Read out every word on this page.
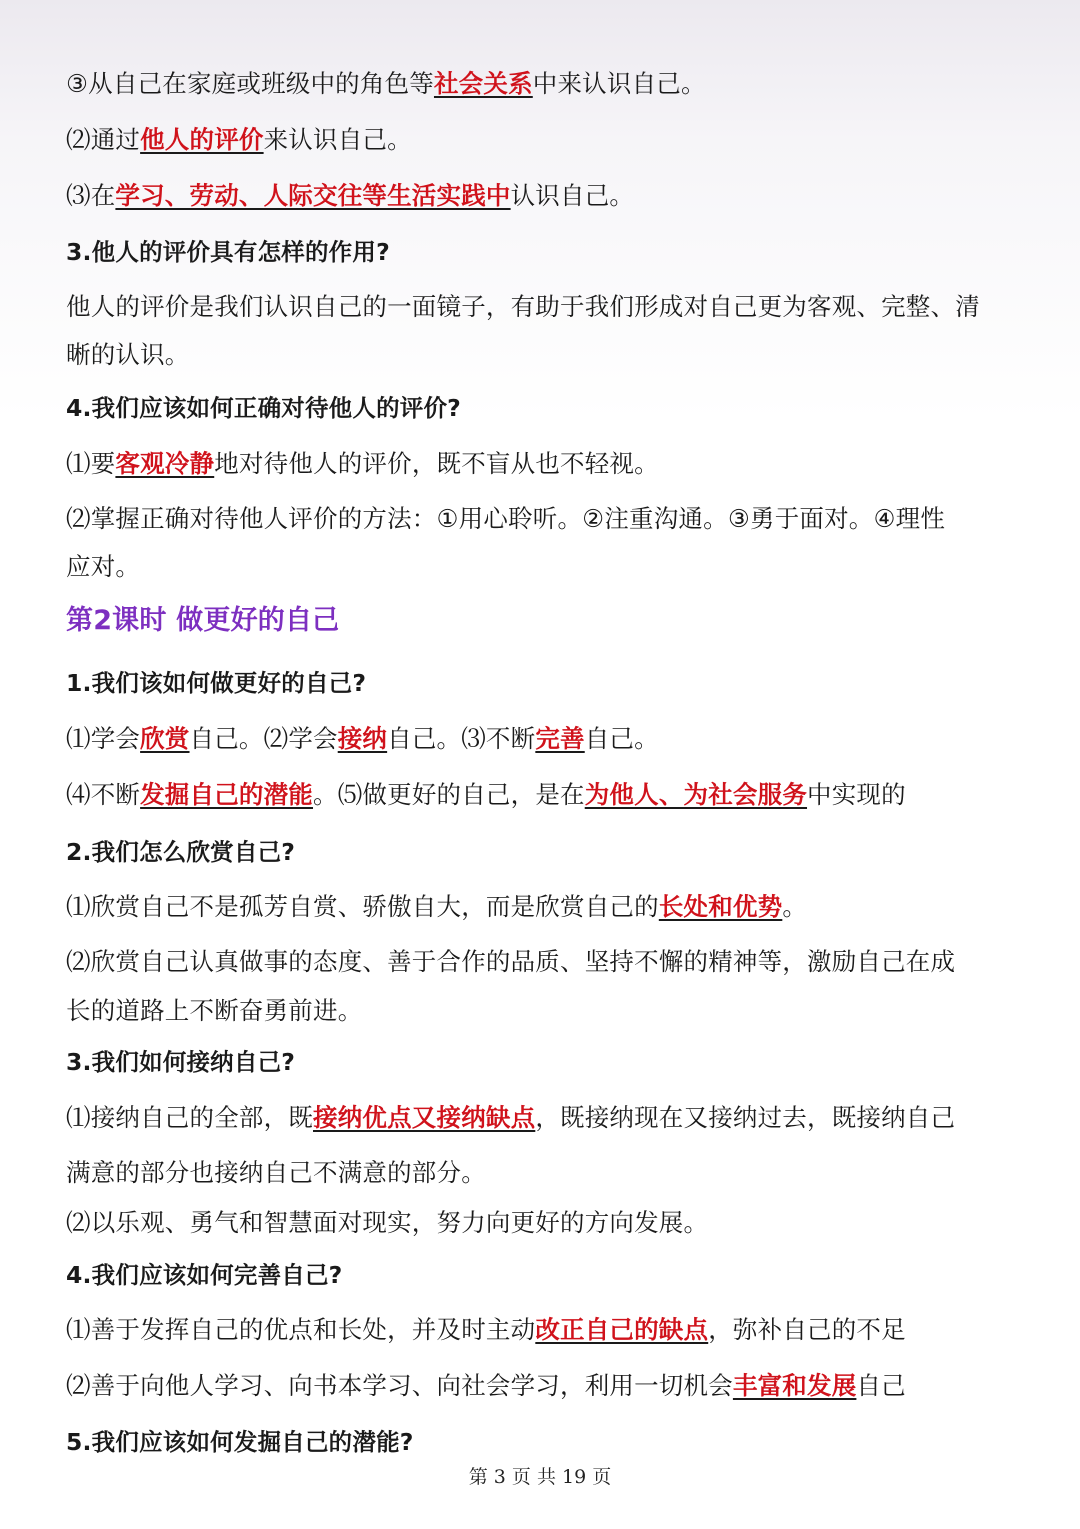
③从自己在家庭或班级中的角色等社会关系中来认识自己。
⑵通过他人的评价来认识自己。
⑶在学习、劳动、人际交往等生活实践中认识自己。
3.他人的评价具有怎样的作用?
他人的评价是我们认识自己的一面镜子，有助于我们形成对自己更为客观、完整、清
晰的认识。
4.我们应该如何正确对待他人的评价?
⑴要客观冷静地对待他人的评价，既不盲从也不轻视。
⑵掌握正确对待他人评价的方法：①用心聆听。②注重沟通。③勇于面对。④理性
应对。
第2课时 做更好的自己
1.我们该如何做更好的自己?
⑴学会欣赏自己。⑵学会接纳自己。⑶不断完善自己。
⑷不断发掘自己的潜能。⑸做更好的自己，是在为他人、为社会服务中实现的
2.我们怎么欣赏自己?
⑴欣赏自己不是孤芳自赏、骄傲自大，而是欣赏自己的长处和优势。
⑵欣赏自己认真做事的态度、善于合作的品质、坚持不懈的精神等，激励自己在成
长的道路上不断奋勇前进。
3.我们如何接纳自己?
⑴接纳自己的全部，既接纳优点又接纳缺点，既接纳现在又接纳过去，既接纳自己
满意的部分也接纳自己不满意的部分。
⑵以乐观、勇气和智慧面对现实，努力向更好的方向发展。
4.我们应该如何完善自己?
⑴善于发挥自己的优点和长处，并及时主动改正自己的缺点，弥补自己的不足
⑵善于向他人学习、向书本学习、向社会学习，利用一切机会丰富和发展自己
5.我们应该如何发掘自己的潜能?
第 3 页 共 19 页
